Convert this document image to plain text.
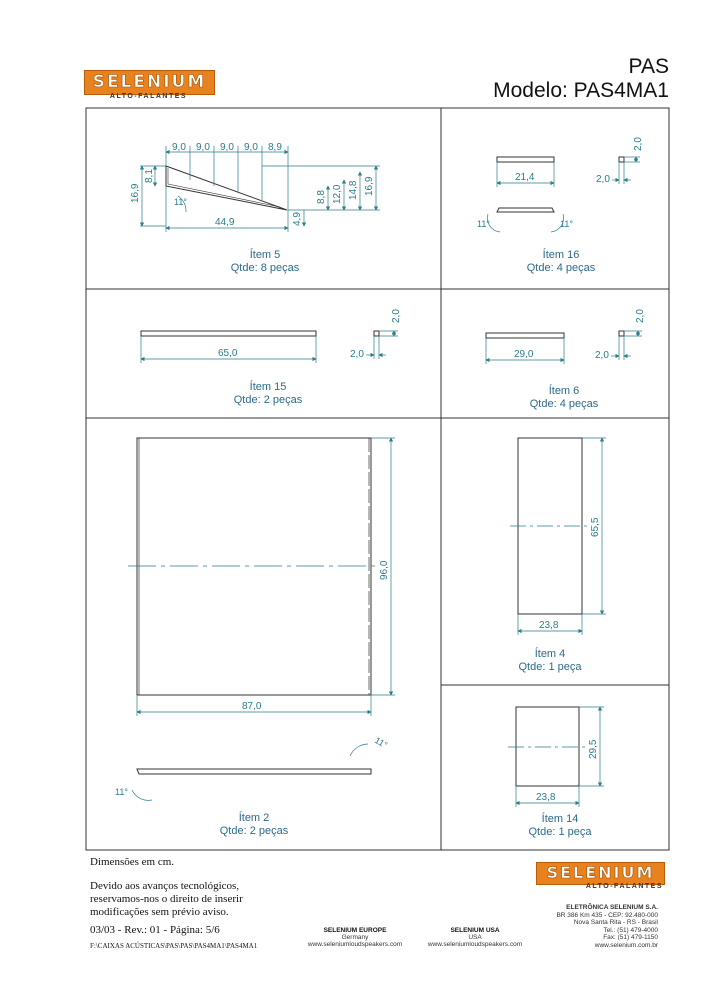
SELENIUM
ALTO-FALANTES
PAS
Modelo: PAS4MA1
9,0 9,0 9,0 9,0 8,9
8,1
16,9	11°
44,9
8,8 12,0 14,8 16,9
4,9
21,4
2,0
2,0
11°	11°
65,0
2,0
2,0	29,0
2,0
2,0
96,0
87,0
11°
11°
65,5
23,8
29,5
23,8
Ítem 5
Qtde: 8 peças
Ítem 16
Qtde: 4 peças
Ítem 15
Qtde: 2 peças
Ítem 6
Qtde: 4 peças
Ítem 2
Qtde: 2 peças
Ítem 4
Qtde: 1 peça
Ítem 14
Qtde: 1 peça
Dimensões em cm.
Devido aos avanços tecnológicos,
reservamos-nos o direito de inserir
modificações sem prévio aviso.
03/03 - Rev.: 01 - Página: 5/6
F:\CAIXAS ACÚSTICAS\PAS\PAS\PAS4MA1\PAS4MA1
SELENIUM EUROPE
Germany
www.seleniumloudspeakers.com
SELENIUM USA
USA
www.seleniumloudspeakers.com
SELENIUM
ALTO-FALANTES
ELETRÔNICA SELENIUM S.A.
BR 386 Km 435 - CEP: 92.480-000
Nova Santa Rita - RS - Brasil
Tel.: (51) 479-4000
Fax: (51) 479-1150
www.selenium.com.br
